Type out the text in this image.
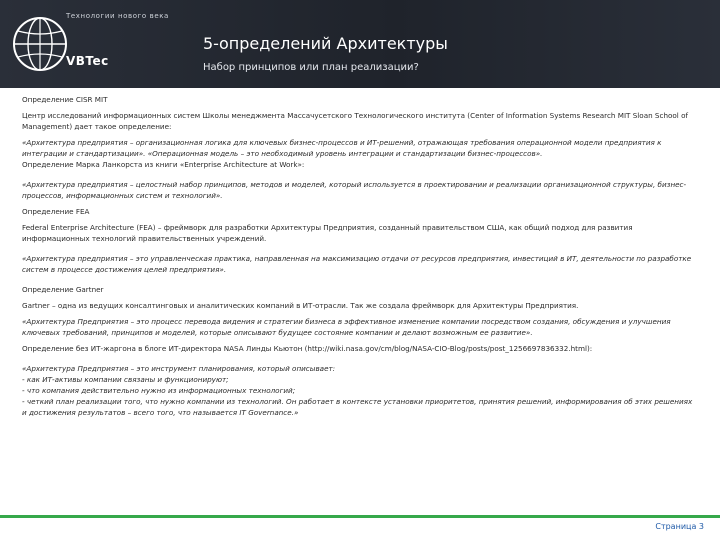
Технологии нового века
VBTec
5-определений Архитектуры
Набор принципов или план реализации?

Определение CISR MIT

Центр исследований информационных систем Школы менеджмента Массачусетского Технологического института (Center of Information Systems Research MIT Sloan School of Management) дает такое определение:

«Архитектура предприятия – организационная логика для ключевых бизнес-процессов и ИТ-решений, отражающая требования операционной модели предприятия к интеграции и стандартизации». «Операционная модель – это необходимый уровень интеграции и стандартизации бизнес-процессов».

Определение Марка Ланкорста из книги «Enterprise Architecture at Work»:

«Архитектура предприятия – целостный набор принципов, методов и моделей, который используется в проектировании и реализации организационной структуры, бизнес-процессов, информационных систем и технологий».

Определение FEA

Federal Enterprise Architecture (FEA) – фреймворк для разработки Архитектуры Предприятия, созданный правительством США, как общий подход для развития информационных технологий правительственных учреждений.

«Архитектура предприятия – это управленческая практика, направленная на максимизацию отдачи от ресурсов предприятия, инвестиций в ИТ, деятельности по разработке систем в процессе достижения целей предприятия».

Определение Gartner

Gartner – одна из ведущих консалтинговых и аналитических компаний в ИТ-отрасли. Так же создала фреймворк для Архитектуры Предприятия.

«Архитектура Предприятия – это процесс перевода видения и стратегии бизнеса в эффективное изменение компании посредством создания, обсуждения и улучшения ключевых требований, принципов и моделей, которые описывают будущее состояние компании и делают возможным ее развитие».

Определение без ИТ-жаргона в блоге ИТ-директора NASA Линды Кьютон (http://wiki.nasa.gov/cm/blog/NASA-CIO-Blog/posts/post_1256697836332.html):

«Архитектура Предприятия – это инструмент планирования, который описывает:

- как ИТ-активы компании связаны и функционируют;

- что компания действительно нужно из информационных технологий;

- четкий план реализации того, что нужно компании из технологий. Он работает в контексте установки приоритетов, принятия решений, информирования об этих решениях и достижения результатов – всего того, что называется IT Governance.»

Страница 3
